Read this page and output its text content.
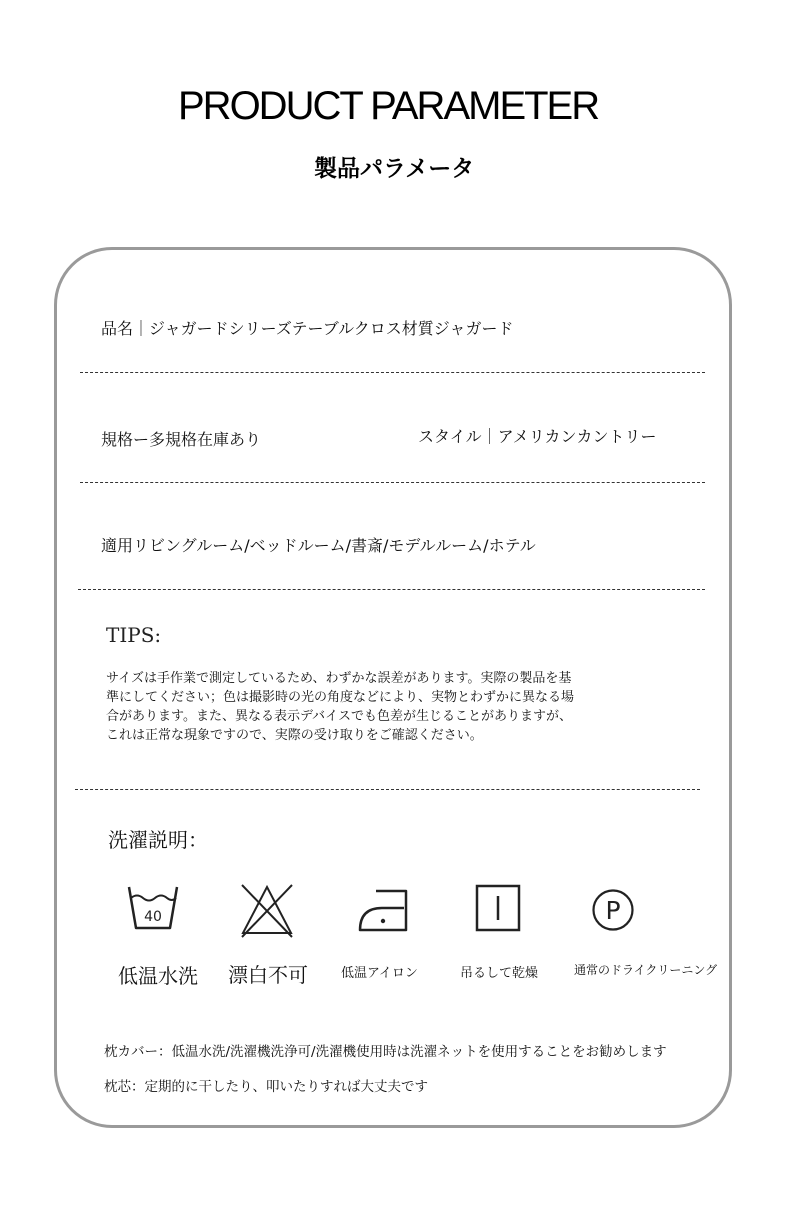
PRODUCT PARAMETER
製品パラメータ
品名｜ジャガードシリーズテーブルクロス材質ジャガード
規格ー多規格在庫あり	スタイル｜アメリカンカントリー
適用リビングルーム/ベッドルーム/書斎/モデルルーム/ホテル
TIPS:
サイズは手作業で測定しているため、わずかな誤差があります。実際の製品を基
準にしてください；色は撮影時の光の角度などにより、実物とわずかに異なる場
合があります。また、異なる表示デバイスでも色差が生じることがありますが、
これは正常な現象ですので、実際の受け取りをご確認ください。
洗濯説明：
40
低温水洗 漂白不可	低温アイロン	吊るして乾燥
P
通常のドライクリーニング
枕カバー：低温水洗/洗濯機洗浄可/洗濯機使用時は洗濯ネットを使用することをお勧めします
枕芯：定期的に干したり、叩いたりすれば大丈夫です
